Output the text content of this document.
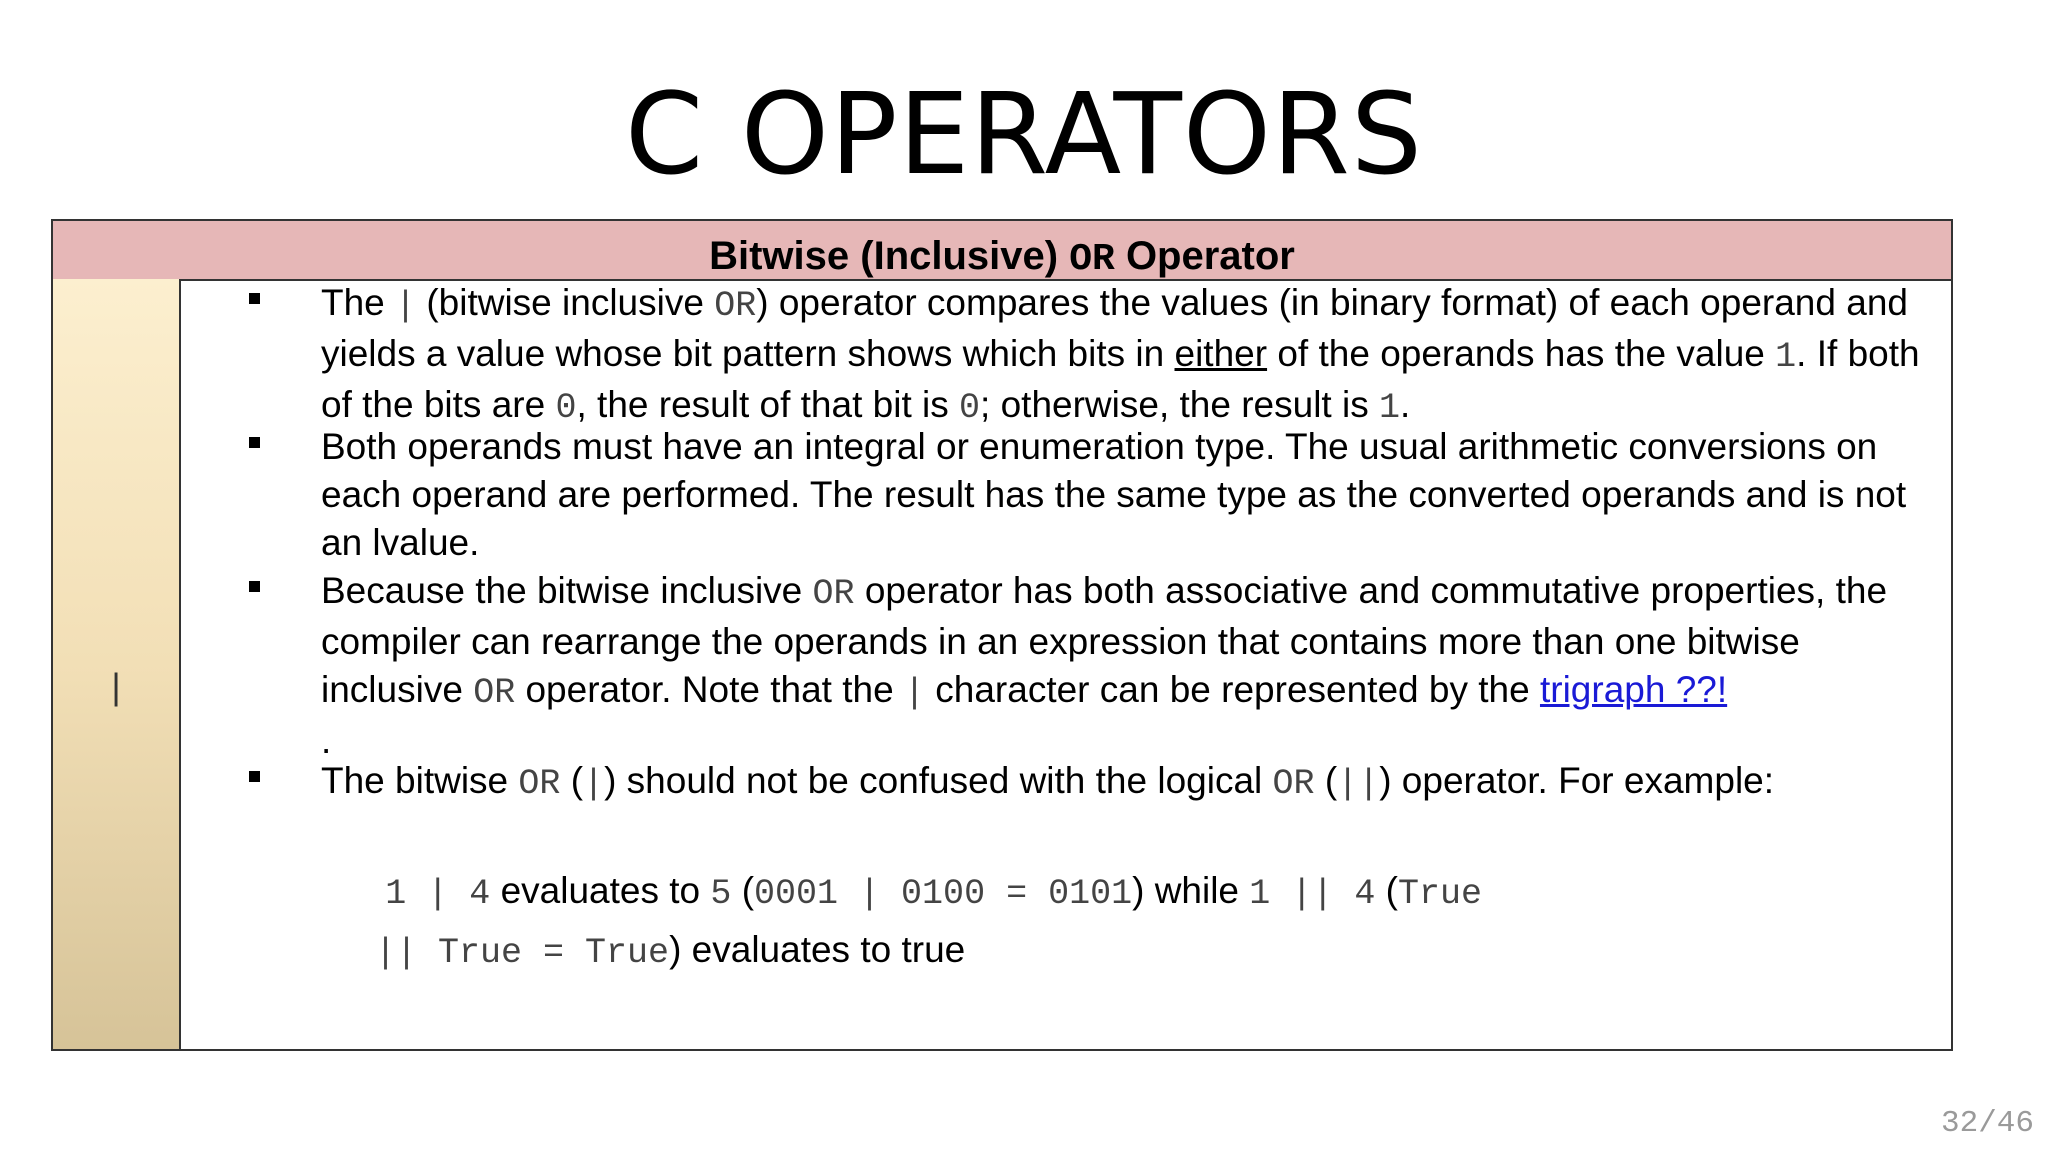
C OPERATORS
Bitwise (Inclusive) OR Operator
|
The | (bitwise inclusive OR) operator compares the values (in binary format) of each operand and yields a value whose bit pattern shows which bits in either of the operands has the value 1. If both of the bits are 0, the result of that bit is 0; otherwise, the result is 1.
Both operands must have an integral or enumeration type. The usual arithmetic conversions on each operand are performed. The result has the same type as the converted operands and is not an lvalue.
Because the bitwise inclusive OR operator has both associative and commutative properties, the compiler can rearrange the operands in an expression that contains more than one bitwise inclusive OR operator. Note that the | character can be represented by the trigraph ??!
.
The bitwise OR (|) should not be confused with the logical OR (||) operator. For example:
1 | 4 evaluates to 5 (0001 | 0100 = 0101) while 1 || 4 (True
|| True = True) evaluates to true
32/46
